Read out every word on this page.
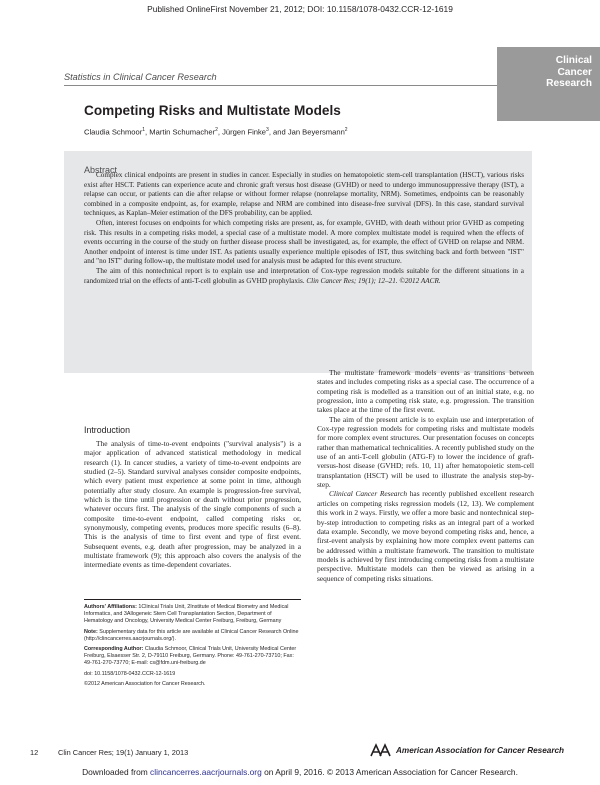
Published OnlineFirst November 21, 2012; DOI: 10.1158/1078-0432.CCR-12-1619
Clinical
Cancer
Research
Statistics in Clinical Cancer Research
Competing Risks and Multistate Models
Claudia Schmoor$^1$, Martin Schumacher$^2$, Jürgen Finke$^3$, and Jan Beyersmann$^2$
Abstract

Complex clinical endpoints are present in studies in cancer. Especially in studies on hematopoietic stem-cell transplantation (HSCT), various risks exist after HSCT. Patients can experience acute and chronic graft versus host disease (GVHD) or need to undergo immunosuppressive therapy (IST), a relapse can occur, or patients can die after relapse or without former relapse (nonrelapse mortality, NRM). Sometimes, endpoints can be reasonably combined in a composite endpoint, as, for example, relapse and NRM are combined into disease-free survival (DFS). In this case, standard survival techniques, as Kaplan–Meier estimation of the DFS probability, can be applied.

Often, interest focuses on endpoints for which competing risks are present, as, for example, GVHD, with death without prior GVHD as competing risk. This results in a competing risks model, a special case of a multistate model. A more complex multistate model is required when the effects of events occurring in the course of the study on further disease process shall be investigated, as, for example, the effect of GVHD on relapse and NRM. Another endpoint of interest is time under IST. As patients usually experience multiple episodes of IST, thus switching back and forth between "IST" and "no IST" during follow-up, the multistate model used for analysis must be adapted for this event structure.

The aim of this nontechnical report is to explain use and interpretation of Cox-type regression models suitable for the different situations in a randomized trial on the effects of anti-T-cell globulin as GVHD prophylaxis. Clin Cancer Res; 19(1); 12–21. ©2012 AACR.

Introduction

The analysis of time-to-event endpoints ("survival analysis") is a major application of advanced statistical methodology in medical research (1). In cancer studies, a variety of time-to-event endpoints are studied (2–5). Standard survival analyses consider composite endpoints, which every patient must experience at some point in time, although potentially after study closure. An example is progression-free survival, which is the time until progression or death without prior progression, whatever occurs first. The analysis of the single components of such a composite time-to-event endpoint, called competing risks or, synonymously, competing events, produces more specific results (6–8). This is the analysis of time to first event and type of first event. Subsequent events, e.g. death after progression, may be analyzed in a multistate framework (9); this approach also covers the analysis of the intermediate events as time-dependent covariates.

Authors' Affiliations: 1Clinical Trials Unit, 2Institute of Medical Biometry and Medical Informatics, and 3Allogeneic Stem Cell Transplantation Section, Department of Hematology and Oncology, University Medical Center Freiburg, Freiburg, Germany

Note: Supplementary data for this article are available at Clinical Cancer Research Online (http://clincancerres.aacrjournals.org/).

Corresponding Author: Claudia Schmoor, Clinical Trials Unit, University Medical Center Freiburg, Elsaesser Str. 2, D-79110 Freiburg, Germany. Phone: 49-761-270-73710; Fax: 49-761-270-73770; E-mail: cs@fdm.uni-freiburg.de

doi: 10.1158/1078-0432.CCR-12-1619

©2012 American Association for Cancer Research.

The multistate framework models events as transitions between states and includes competing risks as a special case. The occurrence of a competing risk is modelled as a transition out of an initial state, e.g. no progression, into a competing risk state, e.g. progression. The transition takes place at the time of the first event.

The aim of the present article is to explain use and interpretation of Cox-type regression models for competing risks and multistate models for more complex event structures. Our presentation focuses on concepts rather than mathematical technicalities. A recently published study on the use of an anti-T-cell globulin (ATG-F) to lower the incidence of graft-versus-host disease (GVHD; refs. 10, 11) after hematopoietic stem-cell transplantation (HSCT) will be used to illustrate the analysis step-by-step.

Clinical Cancer Research has recently published excellent research articles on competing risks regression models (12, 13). We complement this work in 2 ways. Firstly, we offer a more basic and nontechnical step-by-step introduction to competing risks as an integral part of a worked data example. Secondly, we move beyond competing risks and, hence, a first-event analysis by explaining how more complex event patterns can be addressed within a multistate framework. The transition to multistate models is achieved by first introducing competing risks from a multistate perspective. Multistate models can then be viewed as arising in a sequence of competing risks situations.

12	Clin Cancer Res; 19(1) January 1, 2013	American Association for Cancer Research
Downloaded from clincancerres.aacrjournals.org on April 9, 2016. © 2013 American Association for Cancer Research.
